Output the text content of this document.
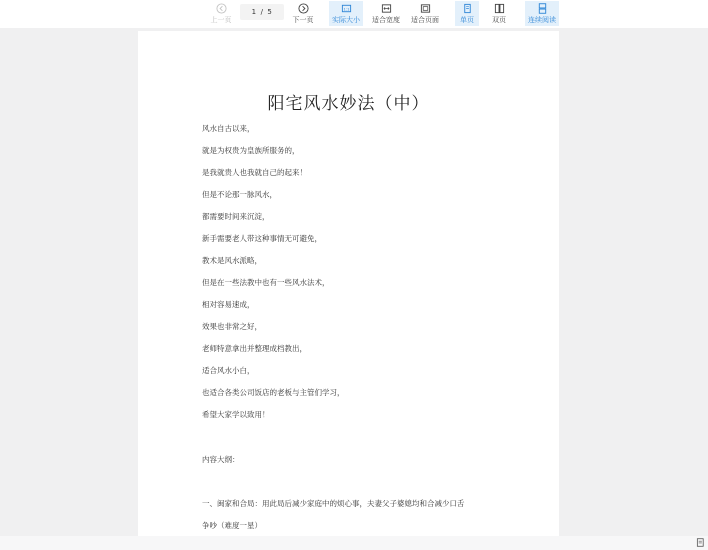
上一页
1 / 5
下一页
1:1
实际大小 适合宽度 适合页面	单页	双页	连续阅读
阳宅风水妙法（中）
风水自古以来，
就是为权贵为皇族所服务的，
是我就贵人也我就自己的起来！
但是不论那一脉风水，
都需要时间来沉淀，
新手需要老人带这种事情无可避免，
教术是风水派略，
但是在一些法教中也有一些风水法术，
相对容易速成，
效果也非常之好，
老师特意拿出并整理成档教出，
适合风水小白，
也适合各类公司饭店的老板与主管们学习，
希望大家学以致用！
内容大纲：
一、闽家和合局：用此局后减少家庭中的烦心事，夫妻父子婆媳均和合减少口舌
争吵（难度一星）
